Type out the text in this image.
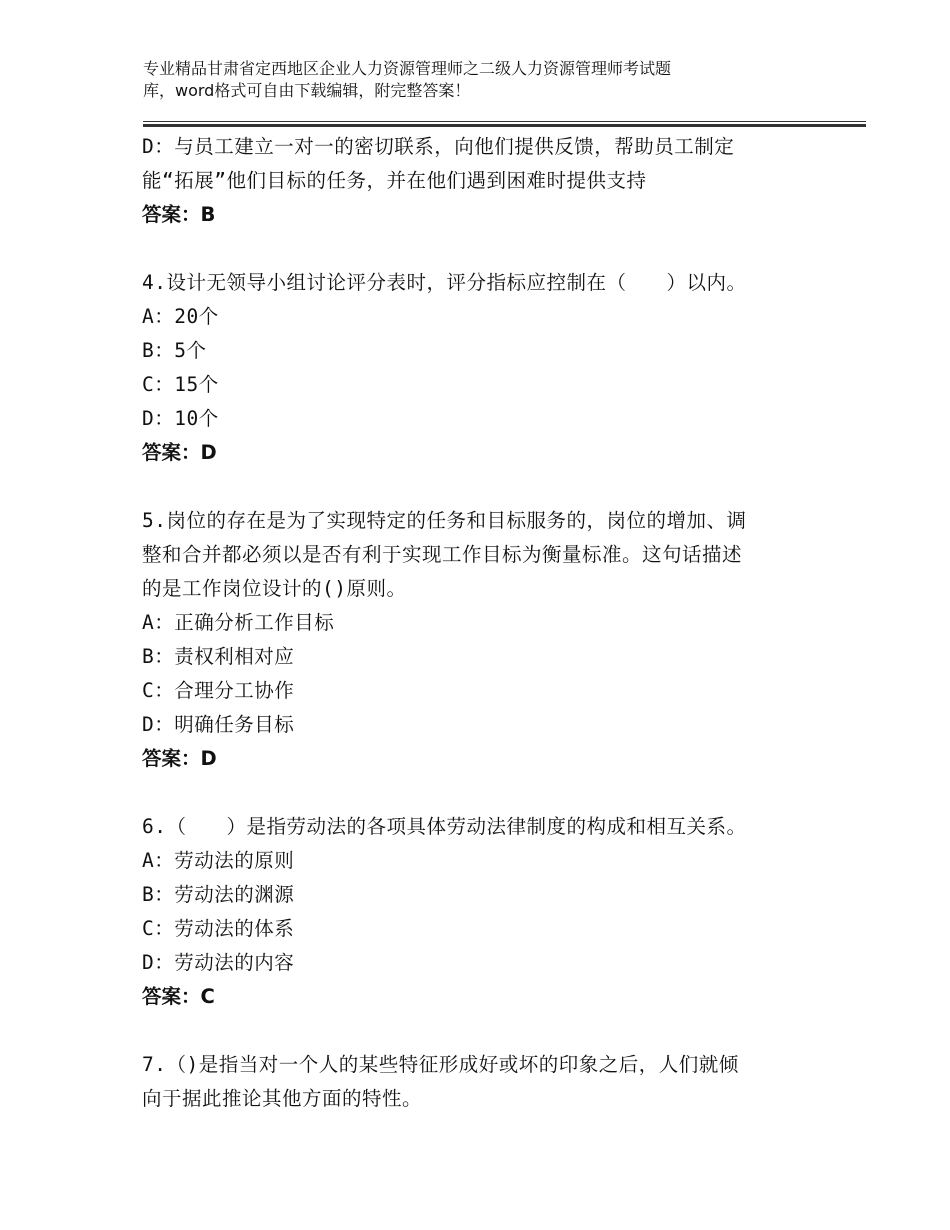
专业精品甘肃省定西地区企业人力资源管理师之二级人力资源管理师考试题
库，word格式可自由下载编辑，附完整答案！
D：与员工建立一对一的密切联系，向他们提供反馈，帮助员工制定
能“拓展”他们目标的任务，并在他们遇到困难时提供支持
答案：B
4.设计无领导小组讨论评分表时，评分指标应控制在（　　）以内。
A：20个
B：5个
C：15个
D：10个
答案：D
5.岗位的存在是为了实现特定的任务和目标服务的，岗位的增加、调
整和合并都必须以是否有利于实现工作目标为衡量标准。这句话描述
的是工作岗位设计的()原则。
A：正确分析工作目标
B：责权利相对应
C：合理分工协作
D：明确任务目标
答案：D
6.（　　）是指劳动法的各项具体劳动法律制度的构成和相互关系。
A：劳动法的原则
B：劳动法的渊源
C：劳动法的体系
D：劳动法的内容
答案：C
7.（)是指当对一个人的某些特征形成好或坏的印象之后，人们就倾
向于据此推论其他方面的特性。
